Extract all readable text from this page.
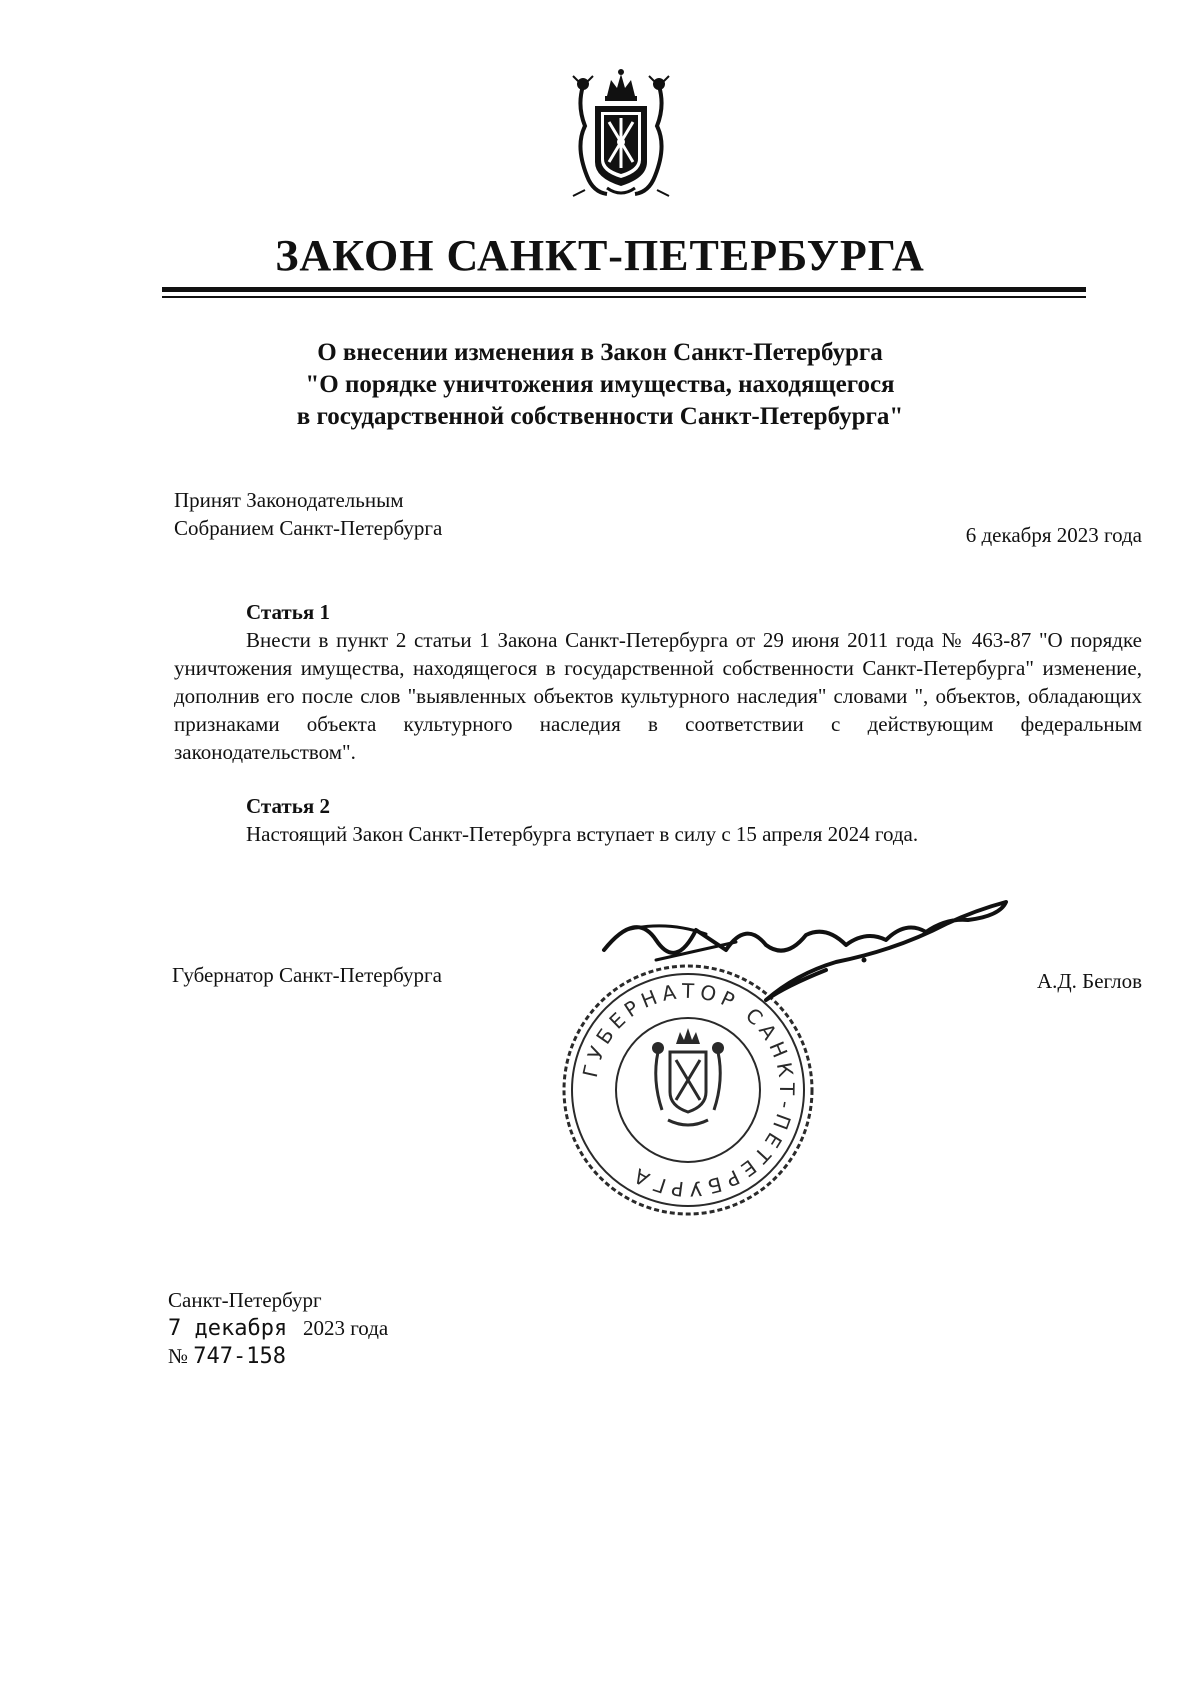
ЗАКОН САНКТ-ПЕТЕРБУРГА
О внесении изменения в Закон Санкт-Петербурга
"О порядке уничтожения имущества, находящегося
в государственной собственности Санкт-Петербурга"
Принят Законодательным
Собранием Санкт-Петербурга	6 декабря 2023 года
Статья 1

Внести в пункт 2 статьи 1 Закона Санкт-Петербурга от 29 июня 2011 года № 463-87 "О порядке уничтожения имущества, находящегося в государственной собственности Санкт-Петербурга" изменение, дополнив его после слов "выявленных объектов культурного наследия" словами ", объектов, обладающих признаками объекта культурного наследия в соответствии с действующим федеральным законодательством".

Статья 2
Настоящий Закон Санкт-Петербурга вступает в силу с 15 апреля 2024 года.
Губернатор Санкт-Петербурга	А.Д. Беглов
ГУБЕРНАТОР САНКТ-ПЕТЕРБУРГА
Санкт-Петербург
7 декабря 2023 года
№ 747-158
